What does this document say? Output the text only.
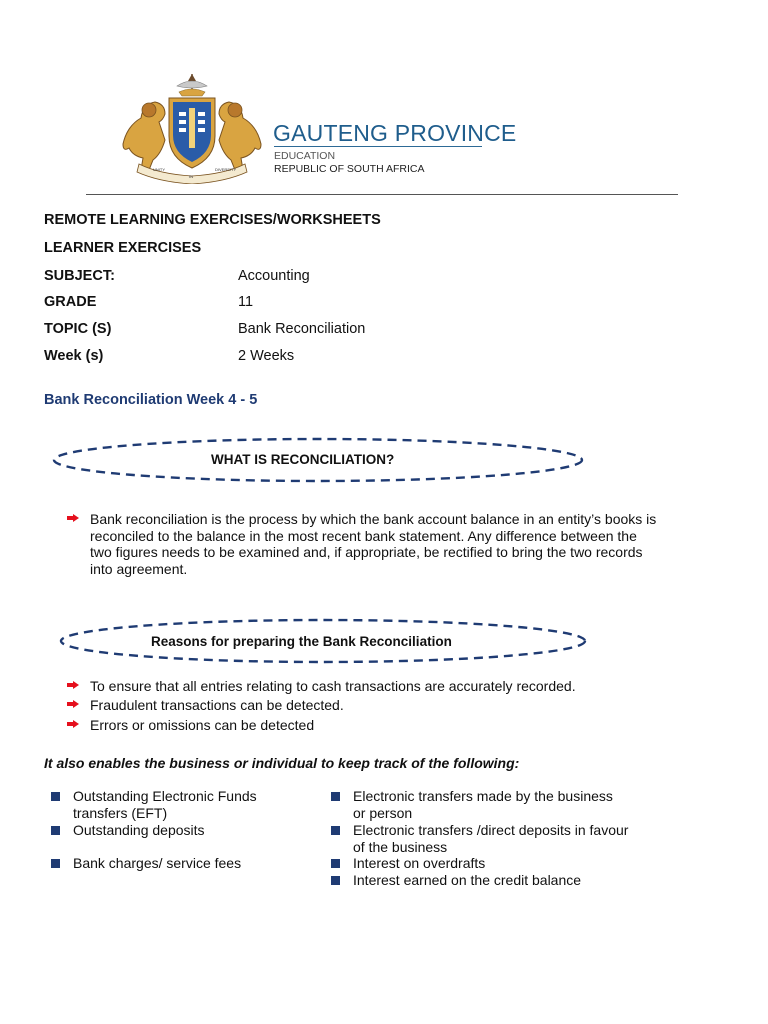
UNITY
IN
DIVERSITY
GAUTENG PROVINCE
EDUCATION
REPUBLIC OF SOUTH AFRICA
REMOTE LEARNING EXERCISES/WORKSHEETS
LEARNER EXERCISES
SUBJECT:	Accounting
GRADE	11
TOPIC (S)	Bank Reconciliation
Week (s)	2 Weeks
Bank Reconciliation Week 4 - 5
WHAT IS RECONCILIATION?
Bank reconciliation is the process by which the bank account balance in an entity’s books is
reconciled to the balance in the most recent bank statement. Any difference between the
two figures needs to be examined and, if appropriate, be rectified to bring the two records
into agreement.
Reasons for preparing the Bank Reconciliation
To ensure that all entries relating to cash transactions are accurately recorded.
Fraudulent transactions can be detected.
Errors or omissions can be detected
It also enables the business or individual to keep track of the following:
Outstanding Electronic Funds
transfers (EFT)
Outstanding deposits
Bank charges/ service fees
Electronic transfers made by the business
or person
Electronic transfers /direct deposits in favour
of the business
Interest on overdrafts
Interest earned on the credit balance
